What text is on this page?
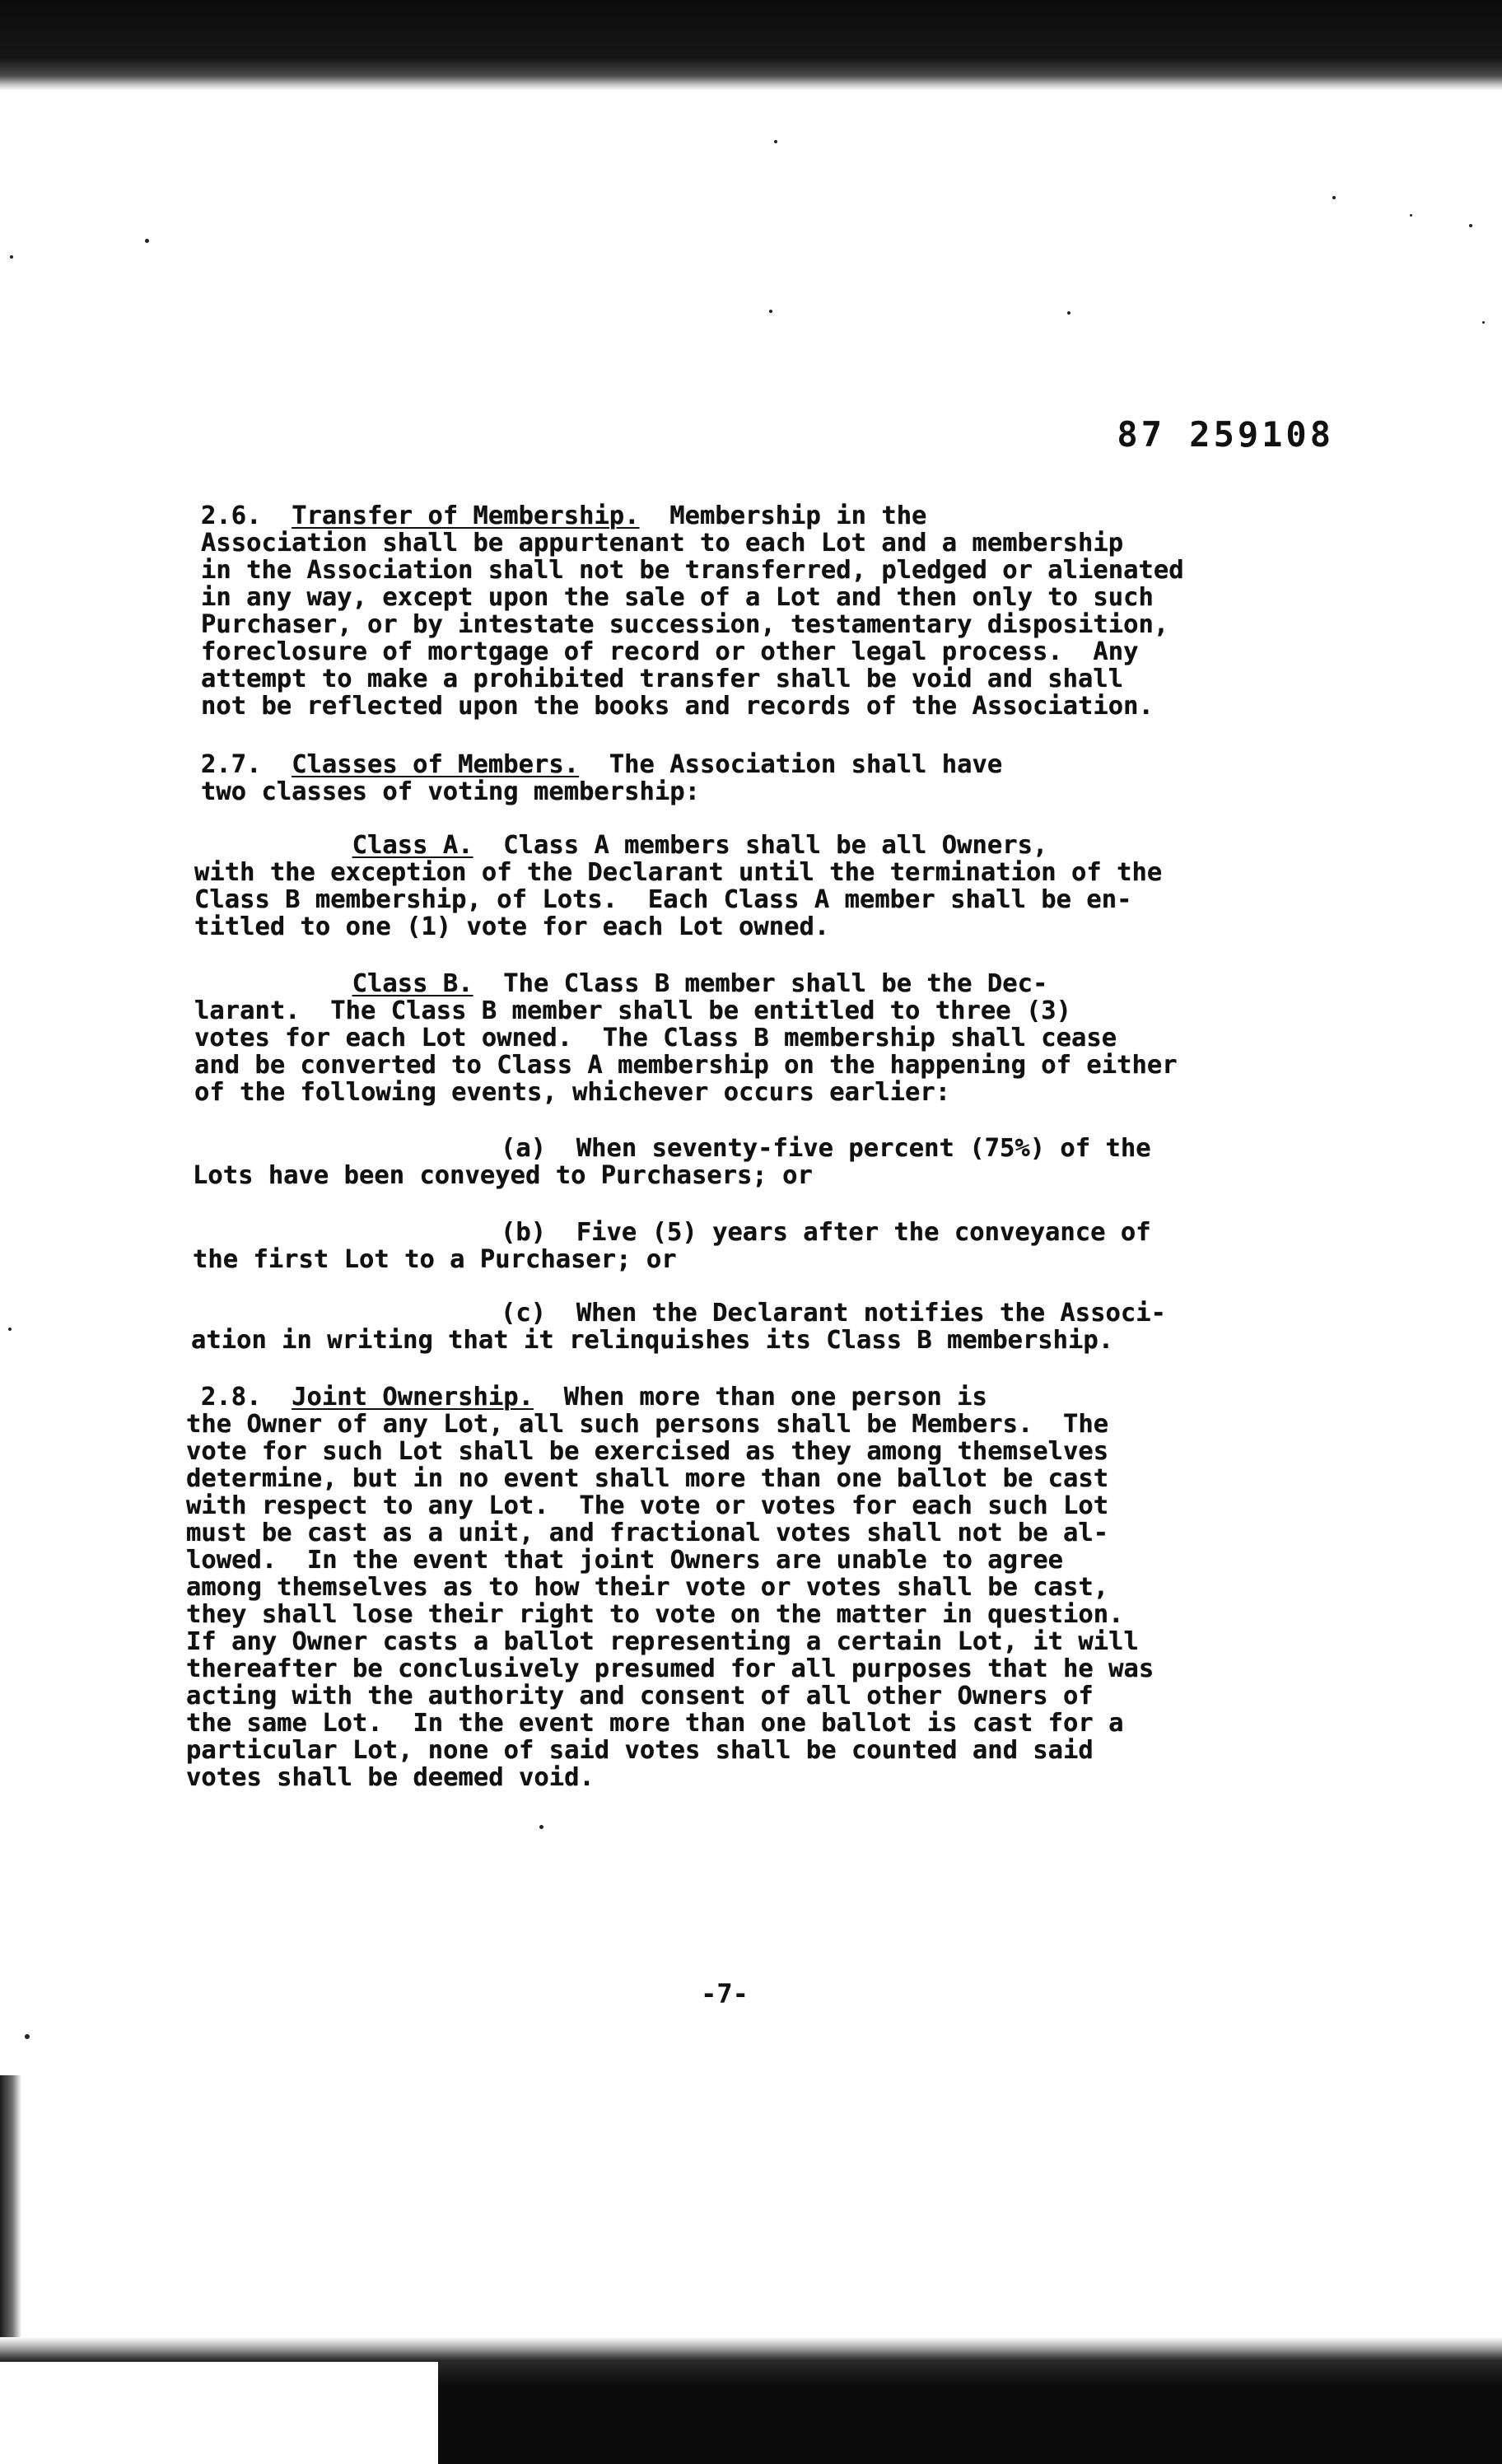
87 259108
2.6. Transfer of Membership.  Membership in the
Association shall be appurtenant to each Lot and a membership
in the Association shall not be transferred, pledged or alienated
in any way, except upon the sale of a Lot and then only to such
Purchaser, or by intestate succession, testamentary disposition,
foreclosure of mortgage of record or other legal process.  Any
attempt to make a prohibited transfer shall be void and shall
not be reflected upon the books and records of the Association.
2.7. Classes of Members.  The Association shall have
two classes of voting membership:
Class A.  Class A members shall be all Owners,
with the exception of the Declarant until the termination of the
Class B membership, of Lots.  Each Class A member shall be en-
titled to one (1) vote for each Lot owned.
Class B.  The Class B member shall be the Dec-
larant.  The Class B member shall be entitled to three (3)
votes for each Lot owned.  The Class B membership shall cease
and be converted to Class A membership on the happening of either
of the following events, whichever occurs earlier:
(a)  When seventy-five percent (75%) of the
Lots have been conveyed to Purchasers; or
(b)  Five (5) years after the conveyance of
the first Lot to a Purchaser; or
(c)  When the Declarant notifies the Associ-
ation in writing that it relinquishes its Class B membership.
2.8. Joint Ownership.  When more than one person is
the Owner of any Lot, all such persons shall be Members.  The
vote for such Lot shall be exercised as they among themselves
determine, but in no event shall more than one ballot be cast
with respect to any Lot.  The vote or votes for each such Lot
must be cast as a unit, and fractional votes shall not be al-
lowed.  In the event that joint Owners are unable to agree
among themselves as to how their vote or votes shall be cast,
they shall lose their right to vote on the matter in question.
If any Owner casts a ballot representing a certain Lot, it will
thereafter be conclusively presumed for all purposes that he was
acting with the authority and consent of all other Owners of
the same Lot.  In the event more than one ballot is cast for a
particular Lot, none of said votes shall be counted and said
votes shall be deemed void.
-7-
